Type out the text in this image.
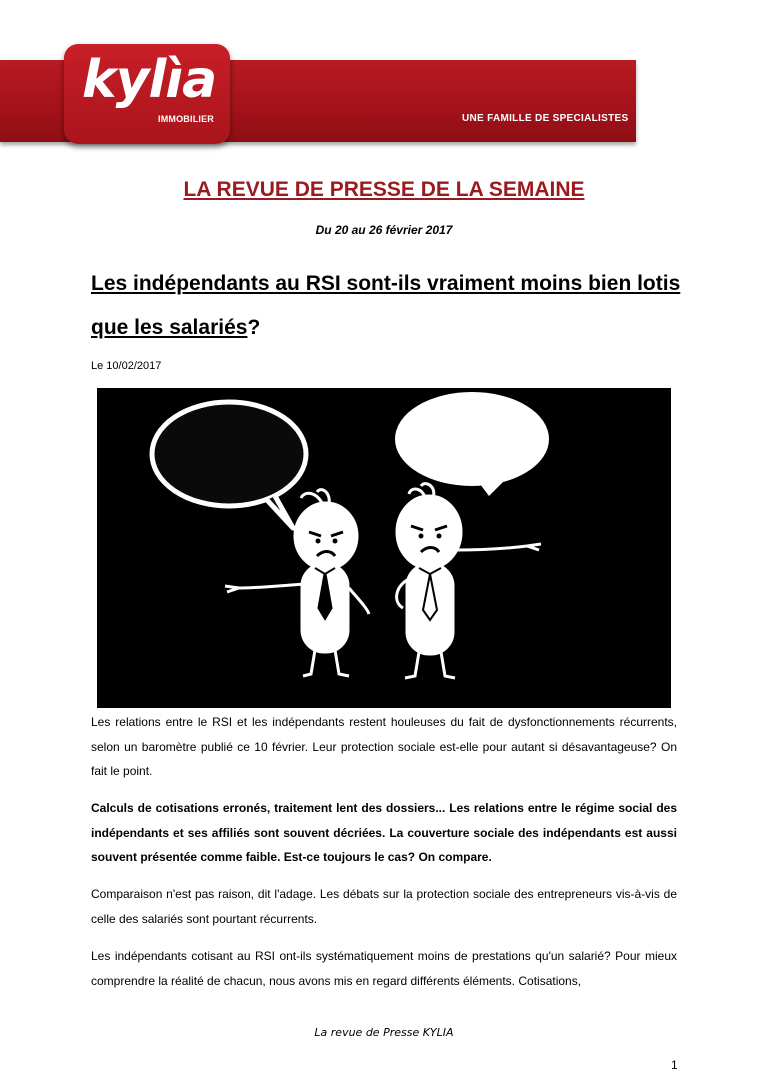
UNE FAMILLE DE SPECIALISTES
kylìa
IMMOBILIER
LA REVUE DE PRESSE DE LA SEMAINE
Du 20 au 26 février 2017
Les indépendants au RSI sont-ils vraiment moins bien lotis que les salariés?
Le 10/02/2017
Les relations entre le RSI et les indépendants restent houleuses du fait de dysfonctionnements récurrents, selon un baromètre publié ce 10 février. Leur protection sociale est-elle pour autant si désavantageuse? On fait le point.
Calculs de cotisations erronés, traitement lent des dossiers... Les relations entre le régime social des indépendants et ses affiliés sont souvent décriées. La couverture sociale des indépendants est aussi souvent présentée comme faible. Est-ce toujours le cas? On compare.
Comparaison n'est pas raison, dit l'adage. Les débats sur la protection sociale des entrepreneurs vis-à-vis de celle des salariés sont pourtant récurrents.
Les indépendants cotisant au RSI ont-ils systématiquement moins de prestations qu'un salarié? Pour mieux comprendre la réalité de chacun, nous avons mis en regard différents éléments. Cotisations,
La revue de Presse KYLIA
1
